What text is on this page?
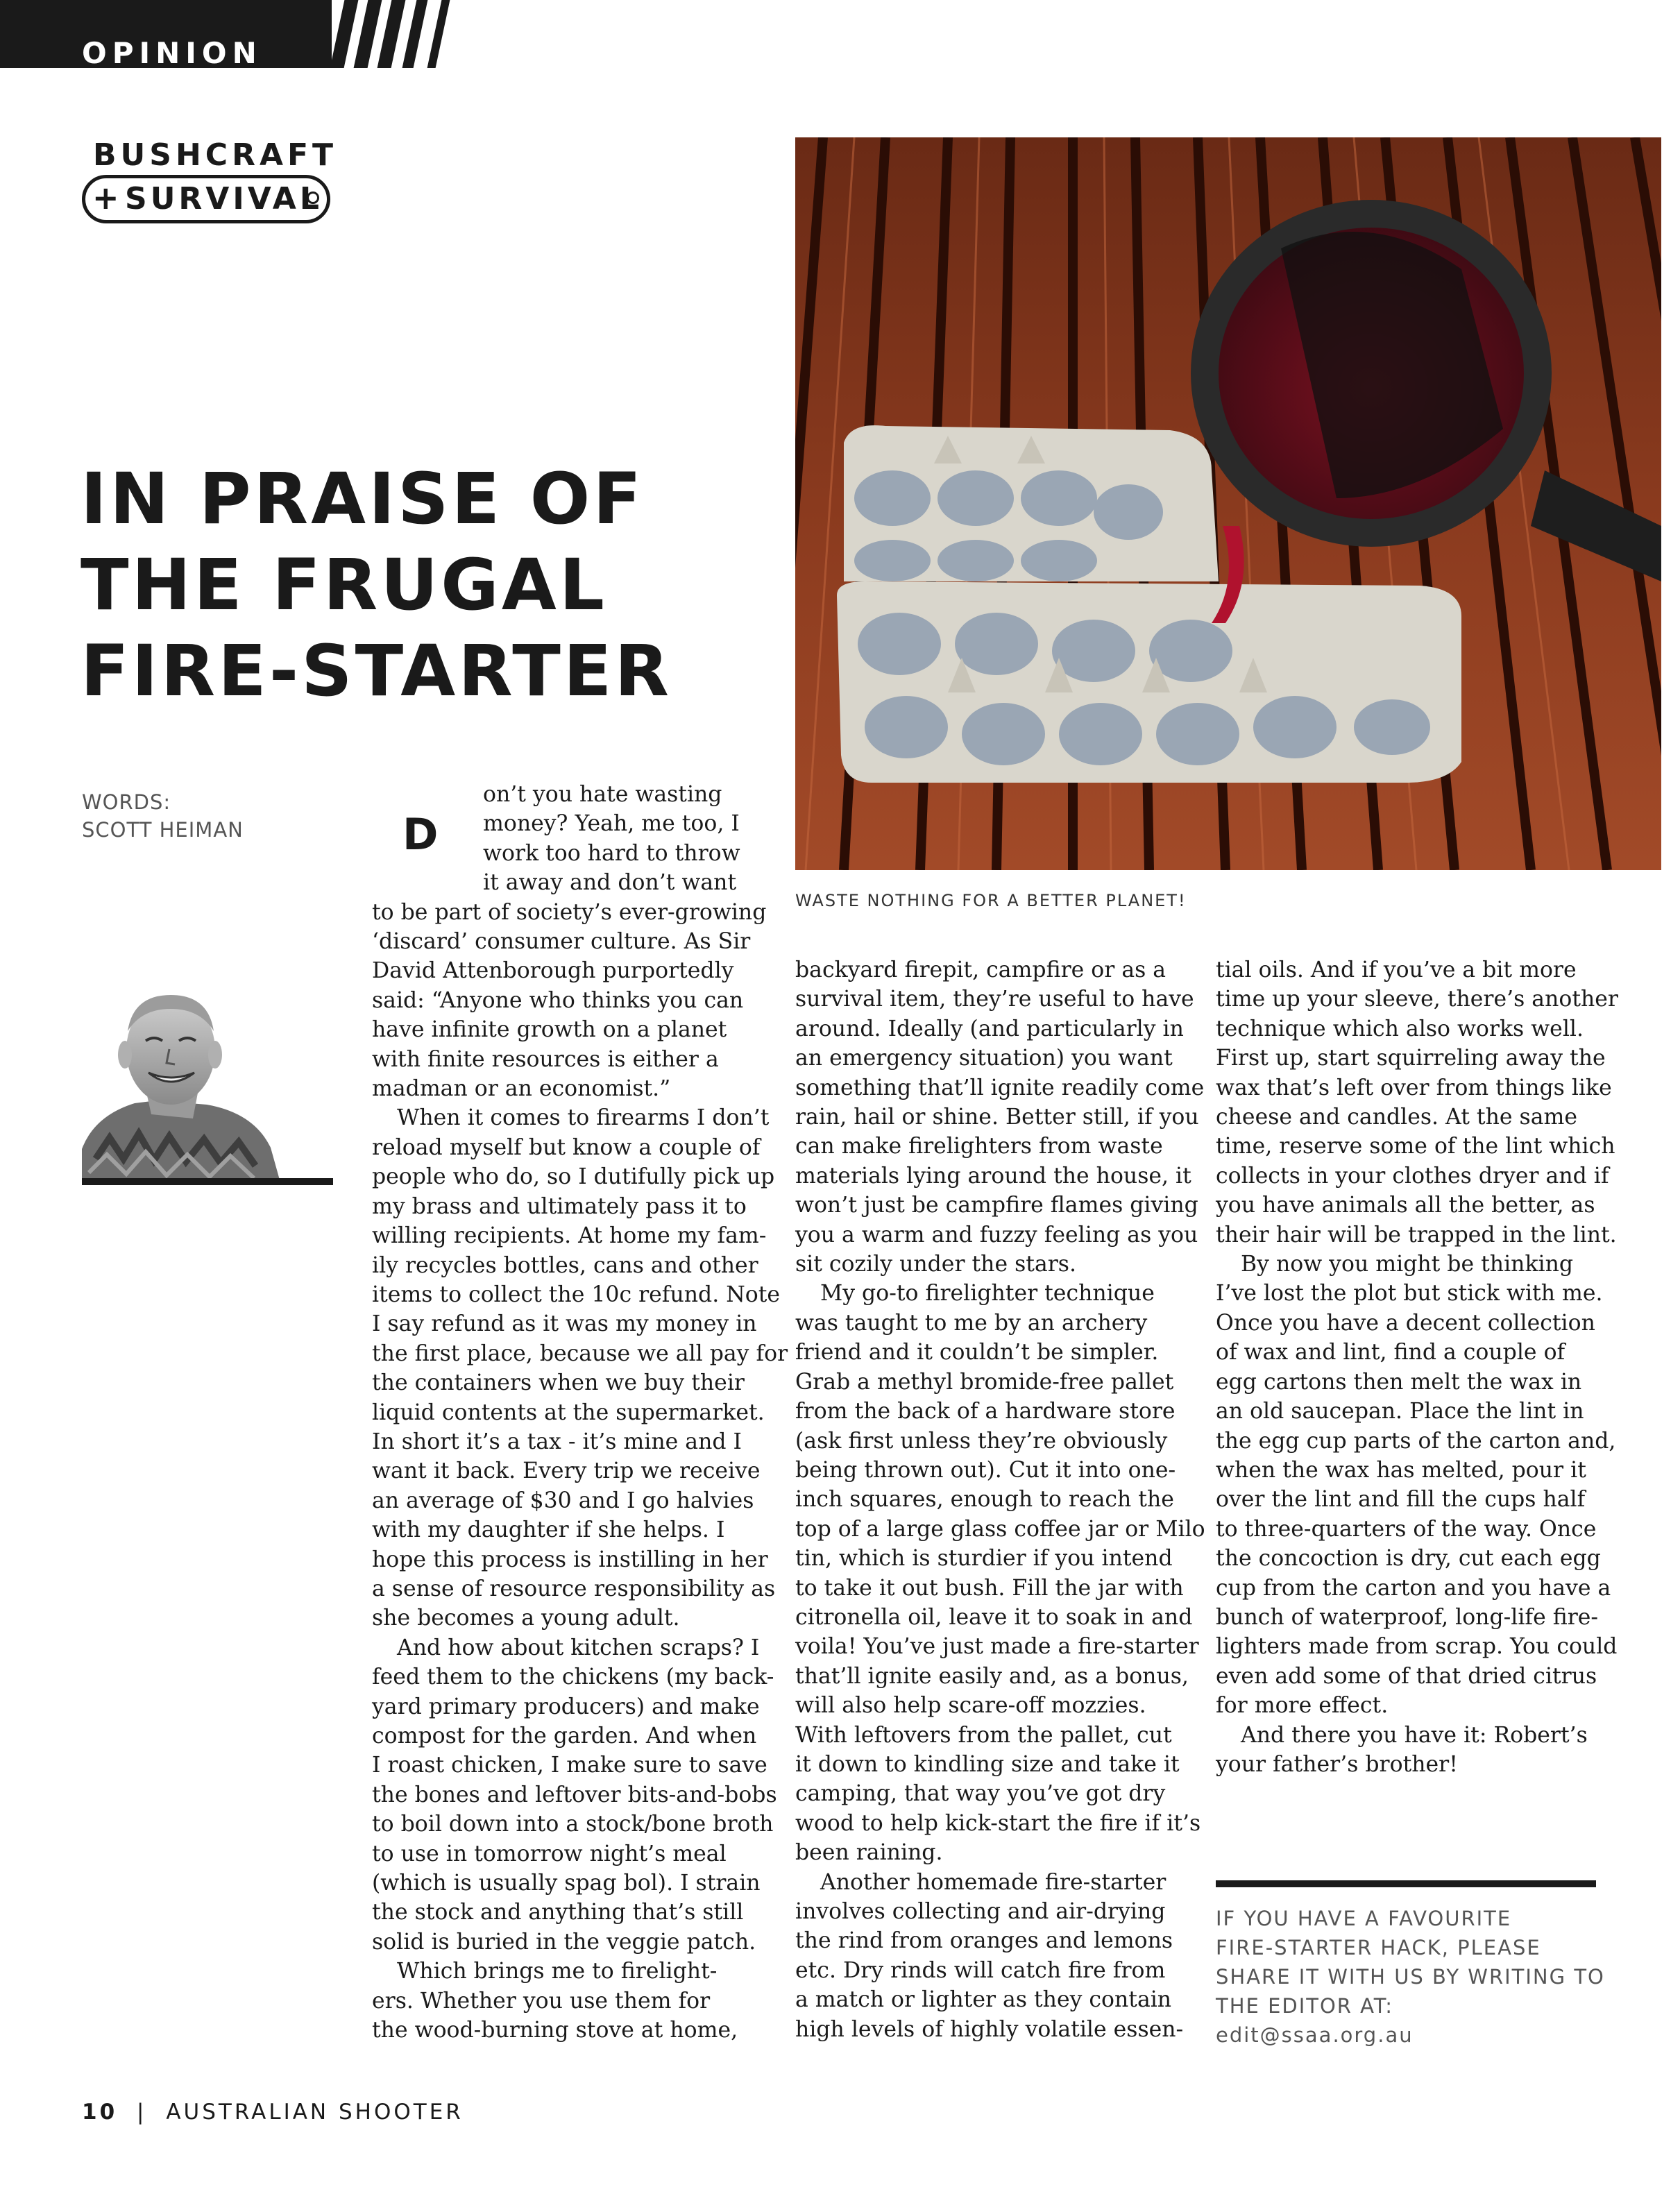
OPINION
BUSHCRAFT
+ SURVIVAL
IN PRAISE OF
THE FRUGAL
FIRE-STARTER
WORDS:
SCOTT HEIMAN
WASTE NOTHING FOR A BETTER PLANET!
D

on’t you hate wasting

money? Yeah, me too, I

work too hard to throw

it away and don’t want

to be part of society’s ever-growing

‘discard’ consumer culture. As Sir

David Attenborough purportedly

said: “Anyone who thinks you can

have infinite growth on a planet

with finite resources is either a

madman or an economist.”

When it comes to firearms I don’t

reload myself but know a couple of

people who do, so I dutifully pick up

my brass and ultimately pass it to

willing recipients. At home my fam-

ily recycles bottles, cans and other

items to collect the 10c refund. Note

I say refund as it was my money in

the first place, because we all pay for

the containers when we buy their

liquid contents at the supermarket.

In short it’s a tax - it’s mine and I

want it back. Every trip we receive

an average of $30 and I go halvies

with my daughter if she helps. I

hope this process is instilling in her

a sense of resource responsibility as

she becomes a young adult.

And how about kitchen scraps? I

feed them to the chickens (my back-

yard primary producers) and make

compost for the garden. And when

I roast chicken, I make sure to save

the bones and leftover bits-and-bobs

to boil down into a stock/bone broth

to use in tomorrow night’s meal

(which is usually spag bol). I strain

the stock and anything that’s still

solid is buried in the veggie patch.

Which brings me to firelight-

ers. Whether you use them for

the wood-burning stove at home,

backyard firepit, campfire or as a

survival item, they’re useful to have

around. Ideally (and particularly in

an emergency situation) you want

something that’ll ignite readily come

rain, hail or shine. Better still, if you

can make firelighters from waste

materials lying around the house, it

won’t just be campfire flames giving

you a warm and fuzzy feeling as you

sit cozily under the stars.

My go-to firelighter technique

was taught to me by an archery

friend and it couldn’t be simpler.

Grab a methyl bromide-free pallet

from the back of a hardware store

(ask first unless they’re obviously

being thrown out). Cut it into one-

inch squares, enough to reach the

top of a large glass coffee jar or Milo

tin, which is sturdier if you intend

to take it out bush. Fill the jar with

citronella oil, leave it to soak in and

voila! You’ve just made a fire-starter

that’ll ignite easily and, as a bonus,

will also help scare-off mozzies.

With leftovers from the pallet, cut

it down to kindling size and take it

camping, that way you’ve got dry

wood to help kick-start the fire if it’s

been raining.

Another homemade fire-starter

involves collecting and air-drying

the rind from oranges and lemons

etc. Dry rinds will catch fire from

a match or lighter as they contain

high levels of highly volatile essen-

tial oils. And if you’ve a bit more

time up your sleeve, there’s another

technique which also works well.

First up, start squirreling away the

wax that’s left over from things like

cheese and candles. At the same

time, reserve some of the lint which

collects in your clothes dryer and if

you have animals all the better, as

their hair will be trapped in the lint.

By now you might be thinking

I’ve lost the plot but stick with me.

Once you have a decent collection

of wax and lint, find a couple of

egg cartons then melt the wax in

an old saucepan. Place the lint in

the egg cup parts of the carton and,

when the wax has melted, pour it

over the lint and fill the cups half

to three-quarters of the way. Once

the concoction is dry, cut each egg

cup from the carton and you have a

bunch of waterproof, long-life fire-

lighters made from scrap. You could

even add some of that dried citrus

for more effect.

And there you have it: Robert’s

your father’s brother!

IF YOU HAVE A FAVOURITE
FIRE-STARTER HACK, PLEASE
SHARE IT WITH US BY WRITING TO
THE EDITOR AT:
edit@ssaa.org.au
10 | AUSTRALIAN SHOOTER
